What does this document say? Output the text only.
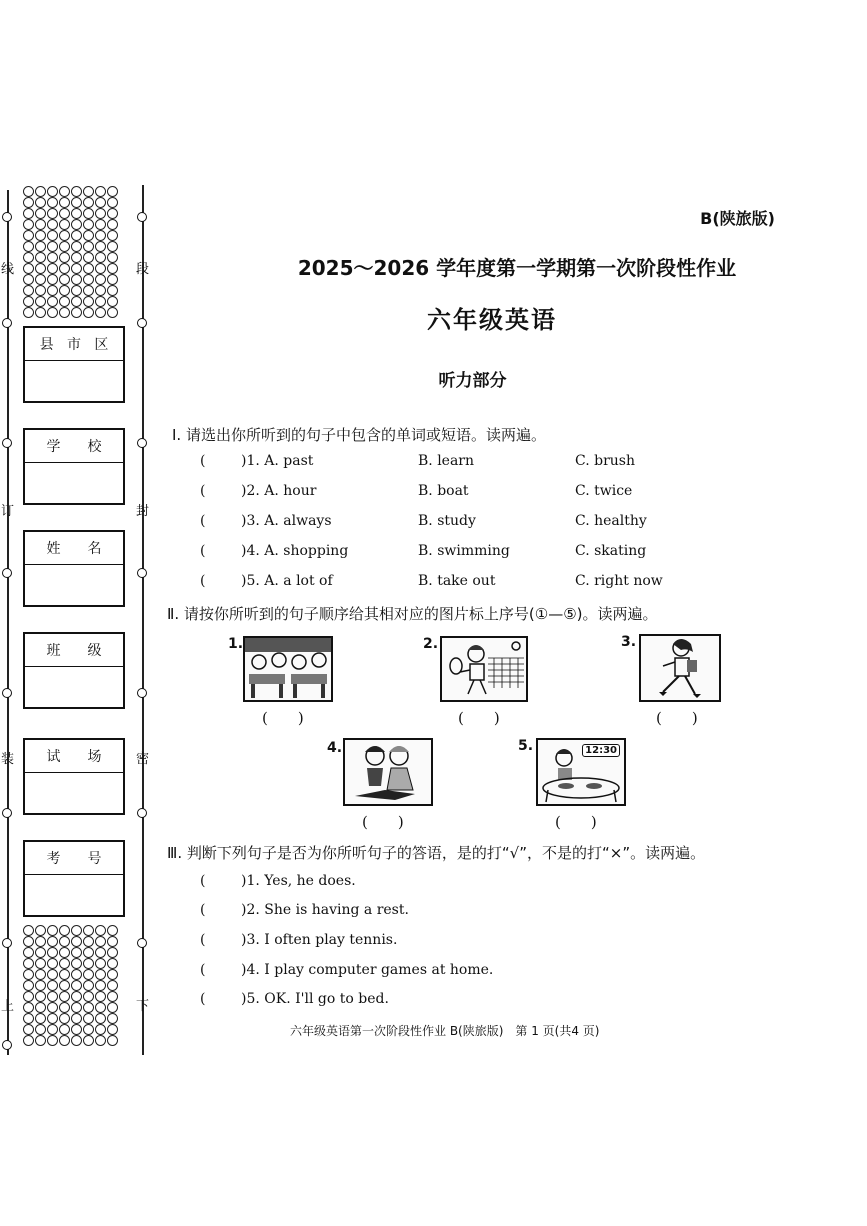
线
订
装
上
段
封
密
下
县 市 区
学 校
姓 名
班 级
试 场
考 号
B(陕旅版)
2025～2026 学年度第一学期第一次阶段性作业
六年级英语
听力部分
Ⅰ. 请选出你所听到的句子中包含的单词或短语。读两遍。
(	)1. A. past	B. learn	C. brush
(	)2. A. hour	B. boat	C. twice
(	)3. A. always	B. study	C. healthy
(	)4. A. shopping	B. swimming	C. skating
(	)5. A. a lot of	B. take out	C. right now
Ⅱ. 请按你所听到的句子顺序给其相对应的图片标上序号(①—⑤)。读两遍。
1.
(　　)
2.
(　　)
3.
(　　)
4.
(　　)
5.	12:30
(　　)
Ⅲ. 判断下列句子是否为你所听句子的答语，是的打“√”，不是的打“×”。读两遍。
(	)1. Yes, he does.
(	)2. She is having a rest.
(	)3. I often play tennis.
(	)4. I play computer games at home.
(	)5. OK. I'll go to bed.
六年级英语第一次阶段性作业 B(陕旅版)　第 1 页(共4 页)
